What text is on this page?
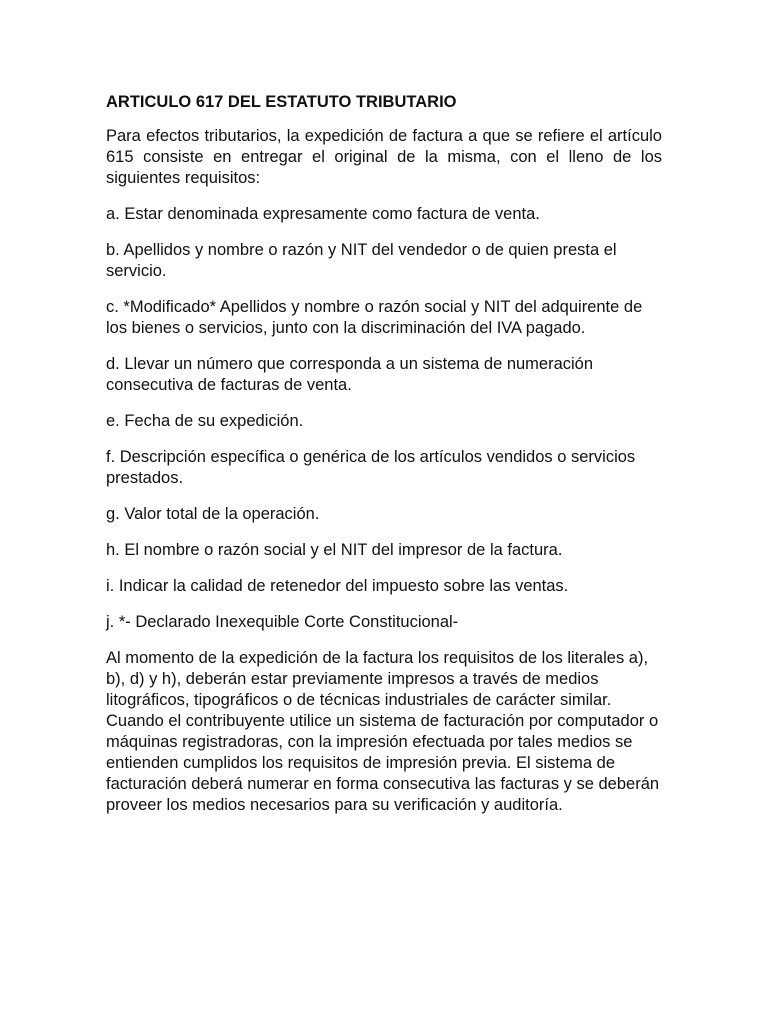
ARTICULO 617 DEL ESTATUTO TRIBUTARIO
Para efectos tributarios, la expedición de factura a que se refiere el artículo 615 consiste en entregar el original de la misma, con el lleno de los siguientes requisitos:
a. Estar denominada expresamente como factura de venta.
b. Apellidos y nombre o razón y NIT del vendedor o de quien presta el servicio.
c. *Modificado* Apellidos y nombre o razón social y NIT del adquirente de los bienes o servicios, junto con la discriminación del IVA pagado.
d. Llevar un número que corresponda a un sistema de numeración consecutiva de facturas de venta.
e. Fecha de su expedición.
f. Descripción específica o genérica de los artículos vendidos o servicios prestados.
g. Valor total de la operación.
h. El nombre o razón social y el NIT del impresor de la factura.
i. Indicar la calidad de retenedor del impuesto sobre las ventas.
j. *- Declarado Inexequible Corte Constitucional-
Al momento de la expedición de la factura los requisitos de los literales a), b), d) y h), deberán estar previamente impresos a través de medios litográficos, tipográficos o de técnicas industriales de carácter similar. Cuando el contribuyente utilice un sistema de facturación por computador o máquinas registradoras, con la impresión efectuada por tales medios se entienden cumplidos los requisitos de impresión previa. El sistema de facturación deberá numerar en forma consecutiva las facturas y se deberán proveer los medios necesarios para su verificación y auditoría.
